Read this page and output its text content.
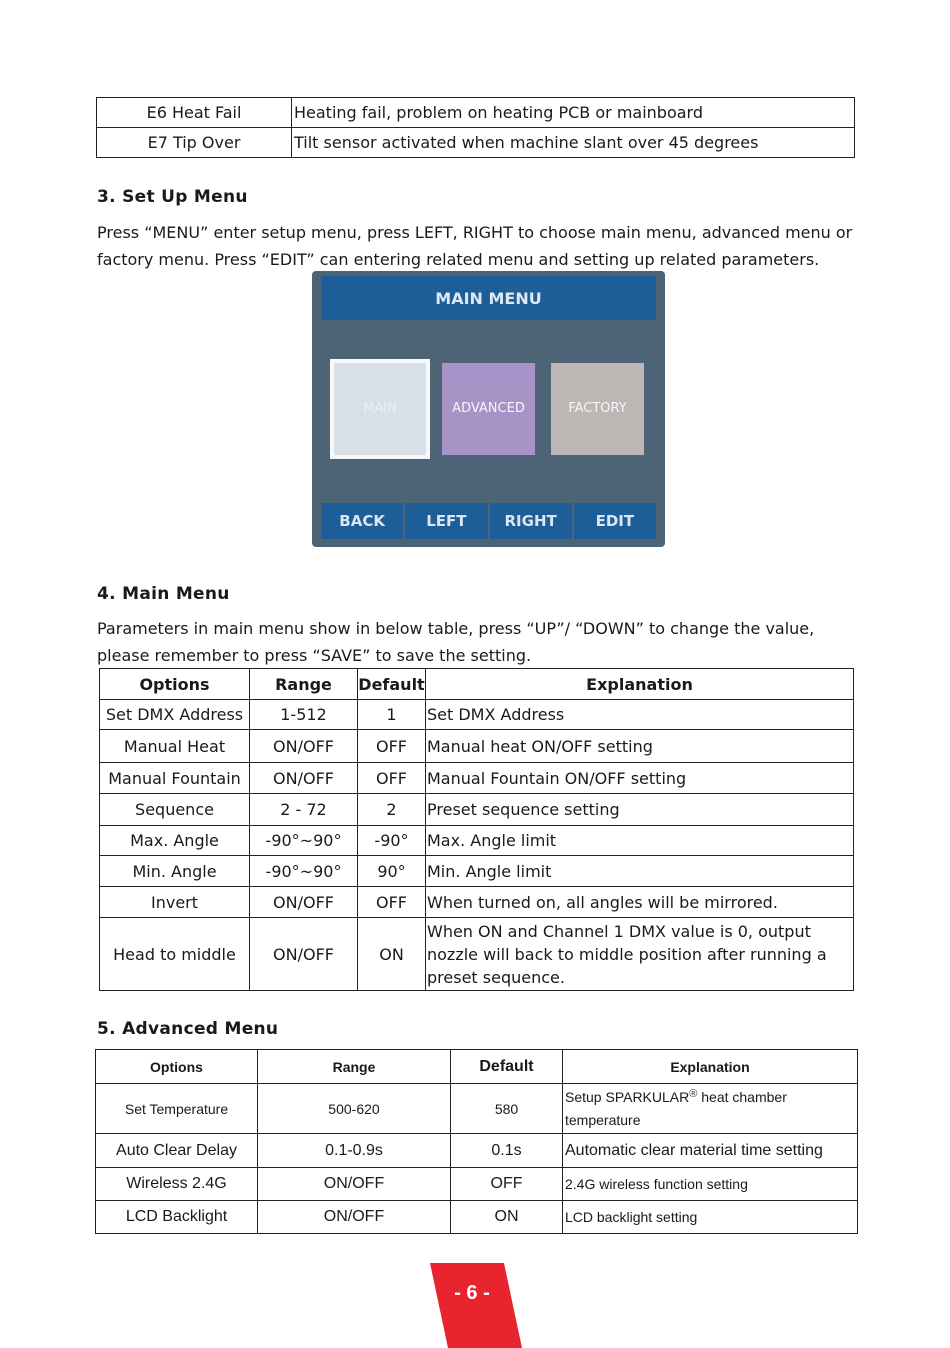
E6 Heat Fail	Heating fail, problem on heating PCB or mainboard
E7 Tip Over	Tilt sensor activated when machine slant over 45 degrees
3. Set Up Menu
Press “MENU” enter setup menu, press LEFT, RIGHT to choose main menu, advanced menu or factory menu. Press “EDIT” can entering related menu and setting up related parameters.
MAIN MENU
MAIN	ADVANCED	FACTORY
BACK	LEFT	RIGHT	EDIT
4. Main Menu
Parameters in main menu show in below table, press “UP”/ “DOWN” to change the value, please remember to press “SAVE” to save the setting.
Options	Range	Default	Explanation
Set DMX Address	1-512	1	Set DMX Address
Manual Heat	ON/OFF	OFF	Manual heat ON/OFF setting
Manual Fountain	ON/OFF	OFF	Manual Fountain ON/OFF setting
Sequence	2 - 72	2	Preset sequence setting
Max. Angle	-90°~90°	-90°	Max. Angle limit
Min. Angle	-90°~90°	90°	Min. Angle limit
Invert	ON/OFF	OFF	When turned on, all angles will be mirrored.
Head to middle	ON/OFF	ON	When ON and Channel 1 DMX value is 0, output nozzle will back to middle position after running a preset sequence.
5. Advanced Menu
Options	Range	Default	Explanation
Set Temperature	500-620	580	Setup SPARKULAR® heat chamber temperature
Auto Clear Delay	0.1-0.9s	0.1s	Automatic clear material time setting
Wireless 2.4G	ON/OFF	OFF	2.4G wireless function setting
LCD Backlight	ON/OFF	ON	LCD backlight setting
- 6 -
